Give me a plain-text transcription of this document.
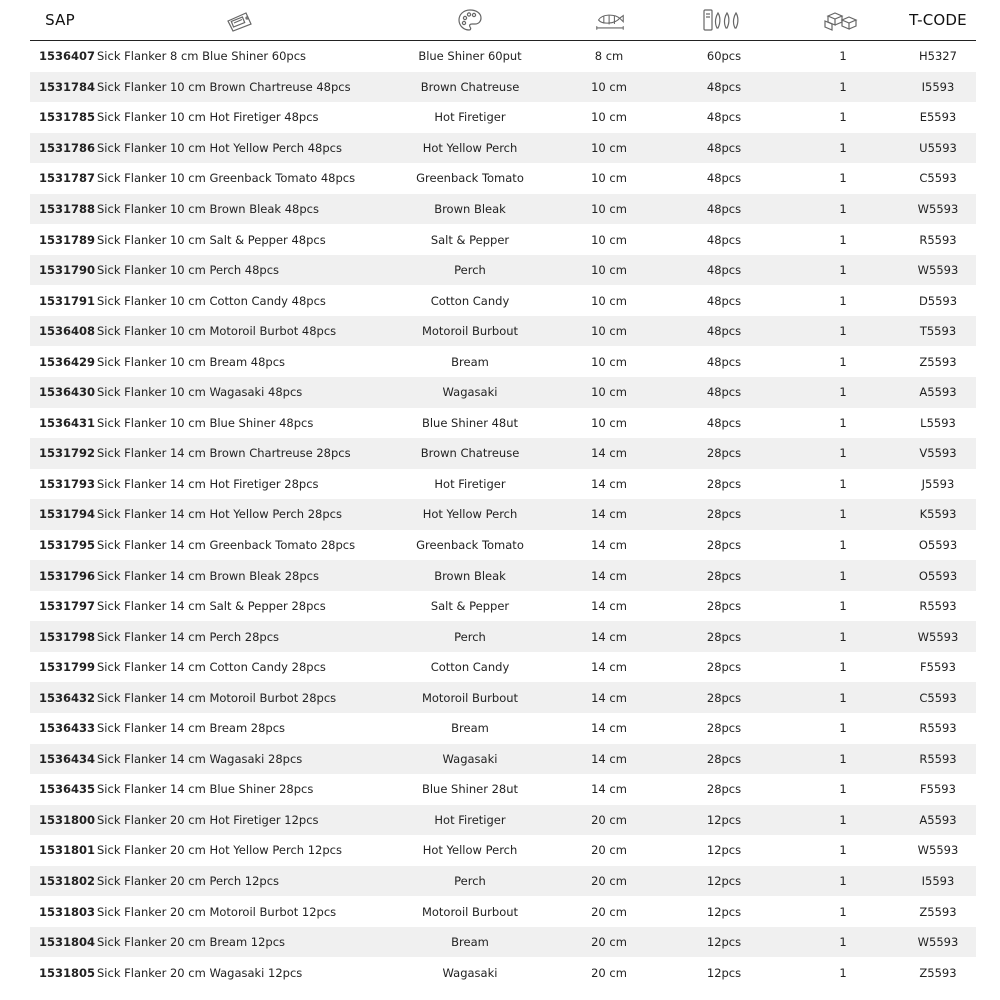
SAP	T-CODE
1536407 Sick Flanker 8 cm Blue Shiner 60pcs	Blue Shiner 60put	8 cm	60pcs	1	H5327
1531784 Sick Flanker 10 cm Brown Chartreuse 48pcs	Brown Chatreuse	10 cm	48pcs	1	I5593
1531785 Sick Flanker 10 cm Hot Firetiger 48pcs	Hot Firetiger	10 cm	48pcs	1	E5593
1531786 Sick Flanker 10 cm Hot Yellow Perch 48pcs	Hot Yellow Perch	10 cm	48pcs	1	U5593
1531787 Sick Flanker 10 cm Greenback Tomato 48pcs	Greenback Tomato	10 cm	48pcs	1	C5593
1531788 Sick Flanker 10 cm Brown Bleak 48pcs	Brown Bleak	10 cm	48pcs	1	W5593
1531789 Sick Flanker 10 cm Salt & Pepper 48pcs	Salt & Pepper	10 cm	48pcs	1	R5593
1531790 Sick Flanker 10 cm Perch 48pcs	Perch	10 cm	48pcs	1	W5593
1531791 Sick Flanker 10 cm Cotton Candy 48pcs	Cotton Candy	10 cm	48pcs	1	D5593
1536408 Sick Flanker 10 cm Motoroil Burbot 48pcs	Motoroil Burbout	10 cm	48pcs	1	T5593
1536429 Sick Flanker 10 cm Bream 48pcs	Bream	10 cm	48pcs	1	Z5593
1536430 Sick Flanker 10 cm Wagasaki 48pcs	Wagasaki	10 cm	48pcs	1	A5593
1536431 Sick Flanker 10 cm Blue Shiner 48pcs	Blue Shiner 48ut	10 cm	48pcs	1	L5593
1531792 Sick Flanker 14 cm Brown Chartreuse 28pcs	Brown Chatreuse	14 cm	28pcs	1	V5593
1531793 Sick Flanker 14 cm Hot Firetiger 28pcs	Hot Firetiger	14 cm	28pcs	1	J5593
1531794 Sick Flanker 14 cm Hot Yellow Perch 28pcs	Hot Yellow Perch	14 cm	28pcs	1	K5593
1531795 Sick Flanker 14 cm Greenback Tomato 28pcs	Greenback Tomato	14 cm	28pcs	1	O5593
1531796 Sick Flanker 14 cm Brown Bleak 28pcs	Brown Bleak	14 cm	28pcs	1	O5593
1531797 Sick Flanker 14 cm Salt & Pepper 28pcs	Salt & Pepper	14 cm	28pcs	1	R5593
1531798 Sick Flanker 14 cm Perch 28pcs	Perch	14 cm	28pcs	1	W5593
1531799 Sick Flanker 14 cm Cotton Candy 28pcs	Cotton Candy	14 cm	28pcs	1	F5593
1536432 Sick Flanker 14 cm Motoroil Burbot 28pcs	Motoroil Burbout	14 cm	28pcs	1	C5593
1536433 Sick Flanker 14 cm Bream 28pcs	Bream	14 cm	28pcs	1	R5593
1536434 Sick Flanker 14 cm Wagasaki 28pcs	Wagasaki	14 cm	28pcs	1	R5593
1536435 Sick Flanker 14 cm Blue Shiner 28pcs	Blue Shiner 28ut	14 cm	28pcs	1	F5593
1531800 Sick Flanker 20 cm Hot Firetiger 12pcs	Hot Firetiger	20 cm	12pcs	1	A5593
1531801 Sick Flanker 20 cm Hot Yellow Perch 12pcs	Hot Yellow Perch	20 cm	12pcs	1	W5593
1531802 Sick Flanker 20 cm Perch 12pcs	Perch	20 cm	12pcs	1	I5593
1531803 Sick Flanker 20 cm Motoroil Burbot 12pcs	Motoroil Burbout	20 cm	12pcs	1	Z5593
1531804 Sick Flanker 20 cm Bream 12pcs	Bream	20 cm	12pcs	1	W5593
1531805 Sick Flanker 20 cm Wagasaki 12pcs	Wagasaki	20 cm	12pcs	1	Z5593
